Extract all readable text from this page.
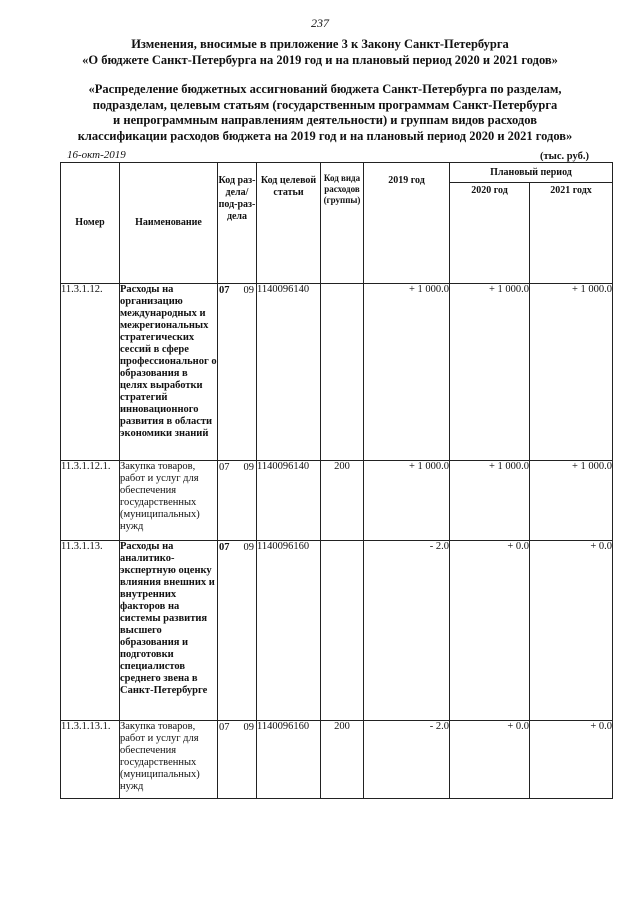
237
Изменения, вносимые в приложение 3 к Закону Санкт-Петербурга
«О бюджете Санкт-Петербурга на 2019 год и на плановый период 2020 и 2021 годов»
«Распределение бюджетных ассигнований бюджета Санкт-Петербурга по разделам,
подразделам, целевым статьям (государственным программам Санкт-Петербурга
и непрограммным направлениям деятельности) и группам видов расходов
классификации расходов бюджета на 2019 год и на плановый период 2020 и 2021 годов»
16-окт-2019	(тыс. руб.)
Номер	Наименование	Код раз-дела/ под-раз-дела	Код целевой статьи	Код вида расходов (группы)	2019 год	Плановый период	
						2020 год	2021 годх
11.3.1.12.	Расходы на организацию международных и межрегиональных стратегических сессий в сфере профессиональног о образования в целях выработки стратегий инновационного развития в области экономики знаний	07 09	1140096140		+ 1 000.0	+ 1 000.0	+ 1 000.0
11.3.1.12.1.	Закупка товаров, работ и услуг для обеспечения государственных (муниципальных) нужд	07 09	1140096140	200	+ 1 000.0	+ 1 000.0	+ 1 000.0
11.3.1.13.	Расходы на аналитико-экспертную оценку влияния внешних и внутренних факторов на системы развития высшего образования и подготовки специалистов среднего звена в Санкт-Петербурге	07 09	1140096160		- 2.0	+ 0.0	+ 0.0
11.3.1.13.1.	Закупка товаров, работ и услуг для обеспечения государственных (муниципальных) нужд	07 09	1140096160	200	- 2.0	+ 0.0	+ 0.0
